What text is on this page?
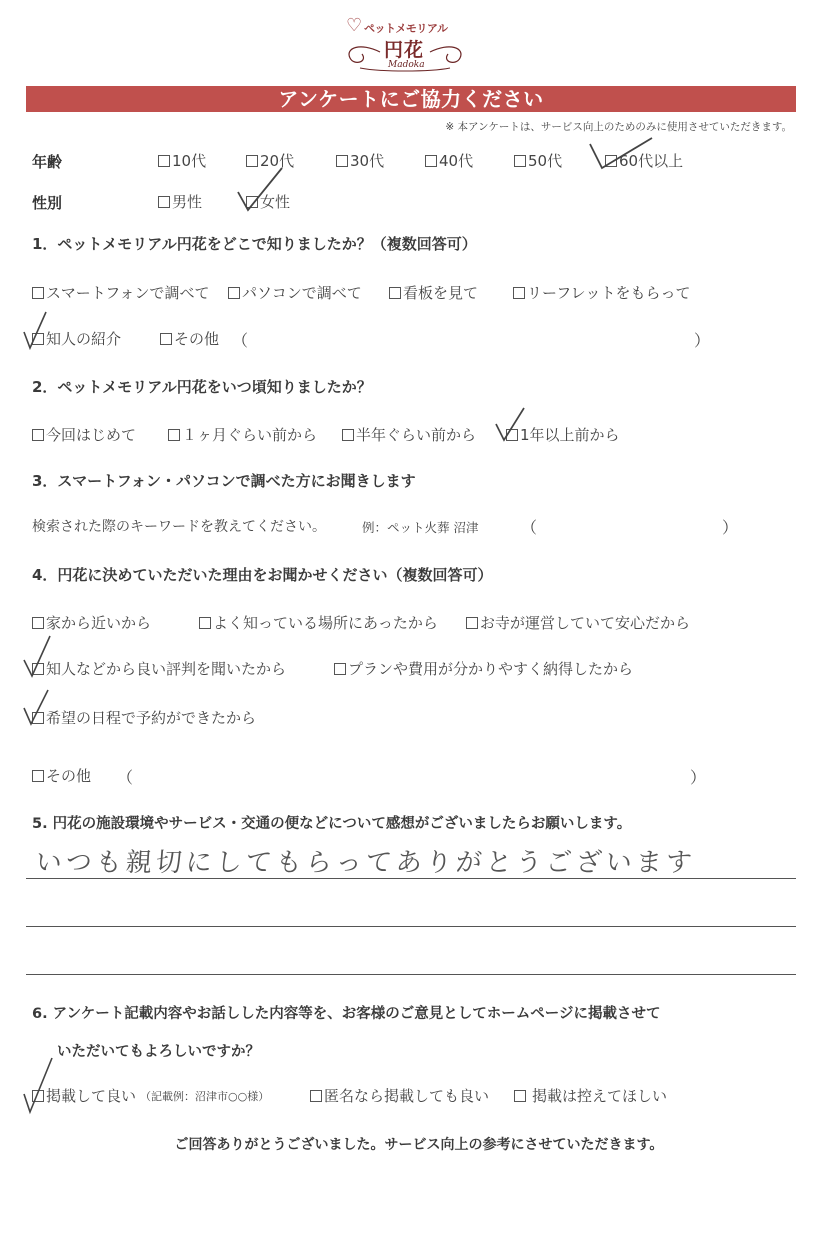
♡ ペットメモリアル
円花
Madoka
アンケートにご協力ください
※ 本アンケートは、サービス向上のためのみに使用させていただきます。
年齢	10代	20代	30代	40代	50代	60代以上
性別	男性	女性
1．ペットメモリアル円花をどこで知りましたか？（複数回答可）
スマートフォンで調べて パソコンで調べて	看板を見て	リーフレットをもらって
知人の紹介	その他 （	）
2．ペットメモリアル円花をいつ頃知りましたか？
今回はじめて	１ヶ月ぐらい前から	半年ぐらい前から	1年以上前から
3．スマートフォン・パソコンで調べた方にお聞きします
検索された際のキーワードを教えてください。	例：ペット火葬 沼津	（	）
4．円花に決めていただいた理由をお聞かせください（複数回答可）
家から近いから	よく知っている場所にあったから	お寺が運営していて安心だから
知人などから良い評判を聞いたから	プランや費用が分かりやすく納得したから
希望の日程で予約ができたから
その他 （	）
5. 円花の施設環境やサービス・交通の便などについて感想がございましたらお願いします。
いつも親切にしてもらってありがとうございます
6. アンケート記載内容やお話しした内容等を、お客様のご意見としてホームページに掲載させて
いただいてもよろしいですか？
掲載して良い （記載例：沼津市○○様）	匿名なら掲載しても良い	掲載は控えてほしい
ご回答ありがとうございました。サービス向上の参考にさせていただきます。
